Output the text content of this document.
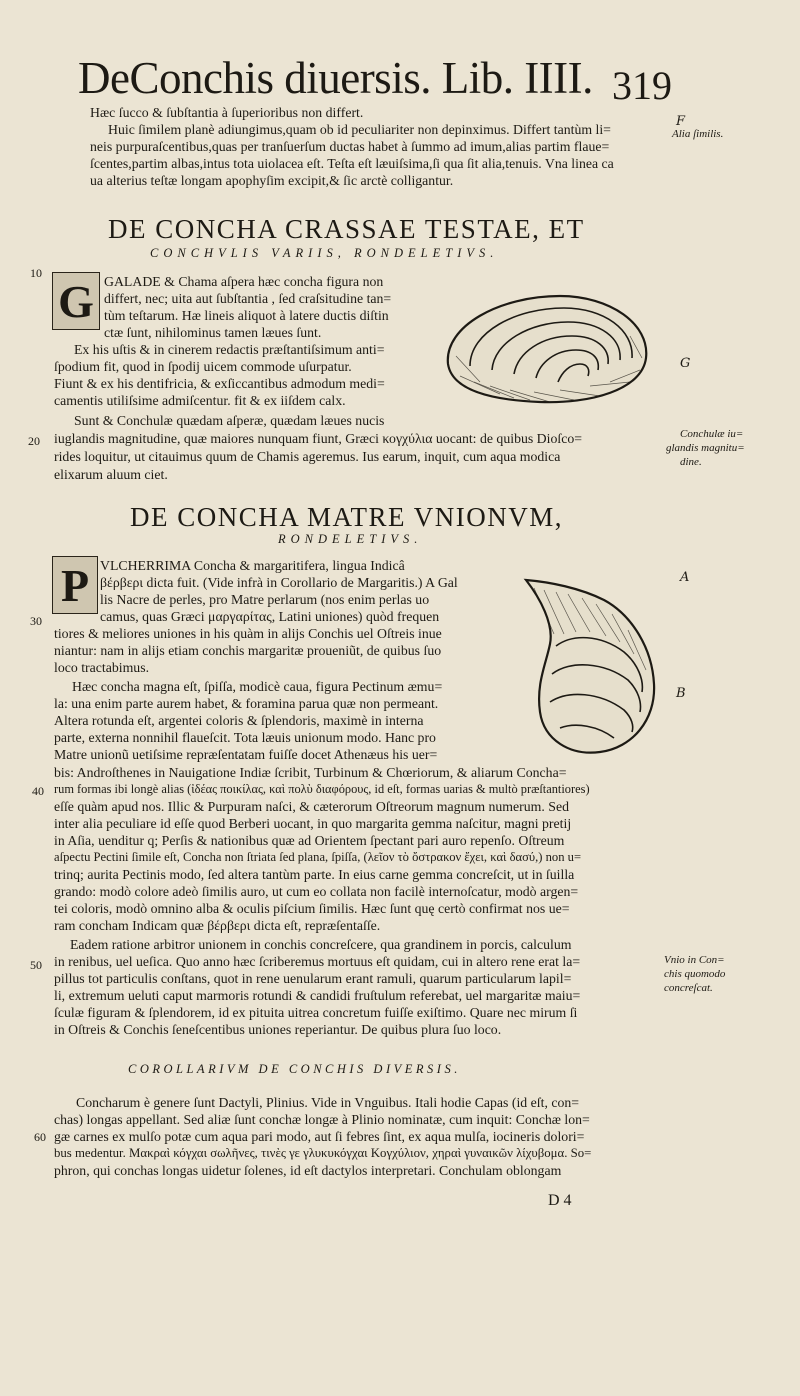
DeConchis diuersis. Lib. IIII. 319
F
G
A
B
10
20
30
40
50
60
Hæc ſucco & ſubſtantia à ſuperioribus non differt.
Huic ſimilem planè adiungimus,quam ob id peculiariter non depinximus. Differt tantùm li=
neis purpuraſcentibus,quas per tranſuerſum ductas habet à ſummo ad imum,alias partim flaue=
ſcentes,partim albas,intus tota uiolacea eſt. Teſta eſt læuiſsima,ſi qua ſit alia,tenuis. Vna linea ca
ua alterius teſtæ longam apophyſim excipit,& ſic arctè colligantur.
Alia ſimilis.
DE CONCHA CRASSAE TESTAE, ET
CONCHVLIS VARIIS, RONDELETIVS.
G GALADE & Chama aſpera hæc concha figura non
differt, nec; uita aut ſubſtantia , ſed craſsitudine tan=
tùm teſtarum. Hæ lineis aliquot à latere ductis diſtin
ctæ ſunt, nihilominus tamen læues ſunt.
Ex his uſtis & in cinerem redactis præſtantiſsimum anti=
ſpodium fit, quod in ſpodij uicem commode uſurpatur.
Fiunt & ex his dentifricia, & exſiccantibus admodum medi=
camentis utiliſsime admiſcentur. fit & ex iiſdem calx.
Sunt & Conchulæ quædam aſperæ, quædam læues nucis
iuglandis magnitudine, quæ maiores nunquam fiunt, Græci κογχύλια uocant: de quibus Dioſco=
rides loquitur, ut citauimus quum de Chamis ageremus. Ius earum, inquit, cum aqua modica
elixarum aluum ciet.
Conchulæ iu=
glandis magnitu=
dine.
DE CONCHA MATRE VNIONVM,
RONDELETIVS.
P VLCHERRIMA Concha & margaritifera, lingua Indicâ
βέρβερι dicta fuit. (Vide infrà in Corollario de Margaritis.) A Gal
lis Nacre de perles, pro Matre perlarum (nos enim perlas uo
camus, quas Græci μαργαρίτας, Latini uniones) quòd frequen
tiores & meliores uniones in his quàm in alijs Conchis uel Oſtreis inue
niantur: nam in alijs etiam conchis margaritæ proueniũt, de quibus ſuo
loco tractabimus.
Hæc concha magna eſt, ſpiſſa, modicè caua, figura Pectinum æmu=
la: una enim parte aurem habet, & foramina parua quæ non permeant.
Altera rotunda eſt, argentei coloris & ſplendoris, maximè in interna
parte, externa nonnihil flaueſcit. Tota læuis unionum modo. Hanc pro
Matre unionũ uetiſsime repræſentatam fuiſſe docet Athenæus his uer=
bis: Androſthenes in Nauigatione Indiæ ſcribit, Turbinum & Chœriorum, & aliarum Concha=
rum formas ibi longè alias (ἰδέας ποικίλας, καὶ πολὺ διαφόρους, id eſt, formas uarias & multò præſtantiores)
eſſe quàm apud nos. Illic & Purpuram naſci, & cæterorum Oſtreorum magnum numerum. Sed
inter alia peculiare id eſſe quod Berberi uocant, in quo margarita gemma naſcitur, magni pretij
in Aſia, uenditur q; Perſis & nationibus quæ ad Orientem ſpectant pari auro repenſo. Oſtreum
aſpectu Pectini ſimile eſt, Concha non ſtriata ſed plana, ſpiſſa, (λεῖον τὸ ὄστρακον ἔχει, καὶ δασύ,) non u=
trinq; aurita Pectinis modo, ſed altera tantùm parte. In eius carne gemma concreſcit, ut in ſuilla
grando: modò colore adeò ſimilis auro, ut cum eo collata non facilè internoſcatur, modò argen=
tei coloris, modò omnino alba & oculis piſcium ſimilis. Hæc ſunt quę certò confirmat nos ue=
ram concham Indicam quæ βέρβερι dicta eſt, repræſentaſſe.
Eadem ratione arbitror unionem in conchis concreſcere, qua grandinem in porcis, calculum
in renibus, uel ueſica. Quo anno hæc ſcriberemus mortuus eſt quidam, cui in altero rene erat la=
pillus tot particulis conſtans, quot in rene uenularum erant ramuli, quarum particularum lapil=
li, extremum ueluti caput marmoris rotundi & candidi fruſtulum referebat, uel margaritæ maiu=
ſculæ figuram & ſplendorem, id ex pituita uitrea concretum fuiſſe exiſtimo. Quare nec mirum ſi
in Oſtreis & Conchis ſeneſcentibus uniones reperiantur. De quibus plura ſuo loco.
Vnio in Con=
chis quomodo
concreſcat.
COROLLARIVM DE CONCHIS DIVERSIS.
Concharum è genere ſunt Dactyli, Plinius. Vide in Vnguibus. Itali hodie Capas (id eſt, con=
chas) longas appellant. Sed aliæ ſunt conchæ longæ à Plinio nominatæ, cum inquit: Conchæ lon=
gæ carnes ex mulſo potæ cum aqua pari modo, aut ſi febres ſint, ex aqua mulſa, iocineris dolori=
bus medentur. Μακραὶ κόγχαι σωλῆνες, τινὲς γε γλυκυκόγχαι Κογχύλιον, χηραὶ γυναικῶν λίχυβομα. So=
phron, qui conchas longas uidetur ſolenes, id eſt dactylos interpretari. Conchulam oblongam
D 4
